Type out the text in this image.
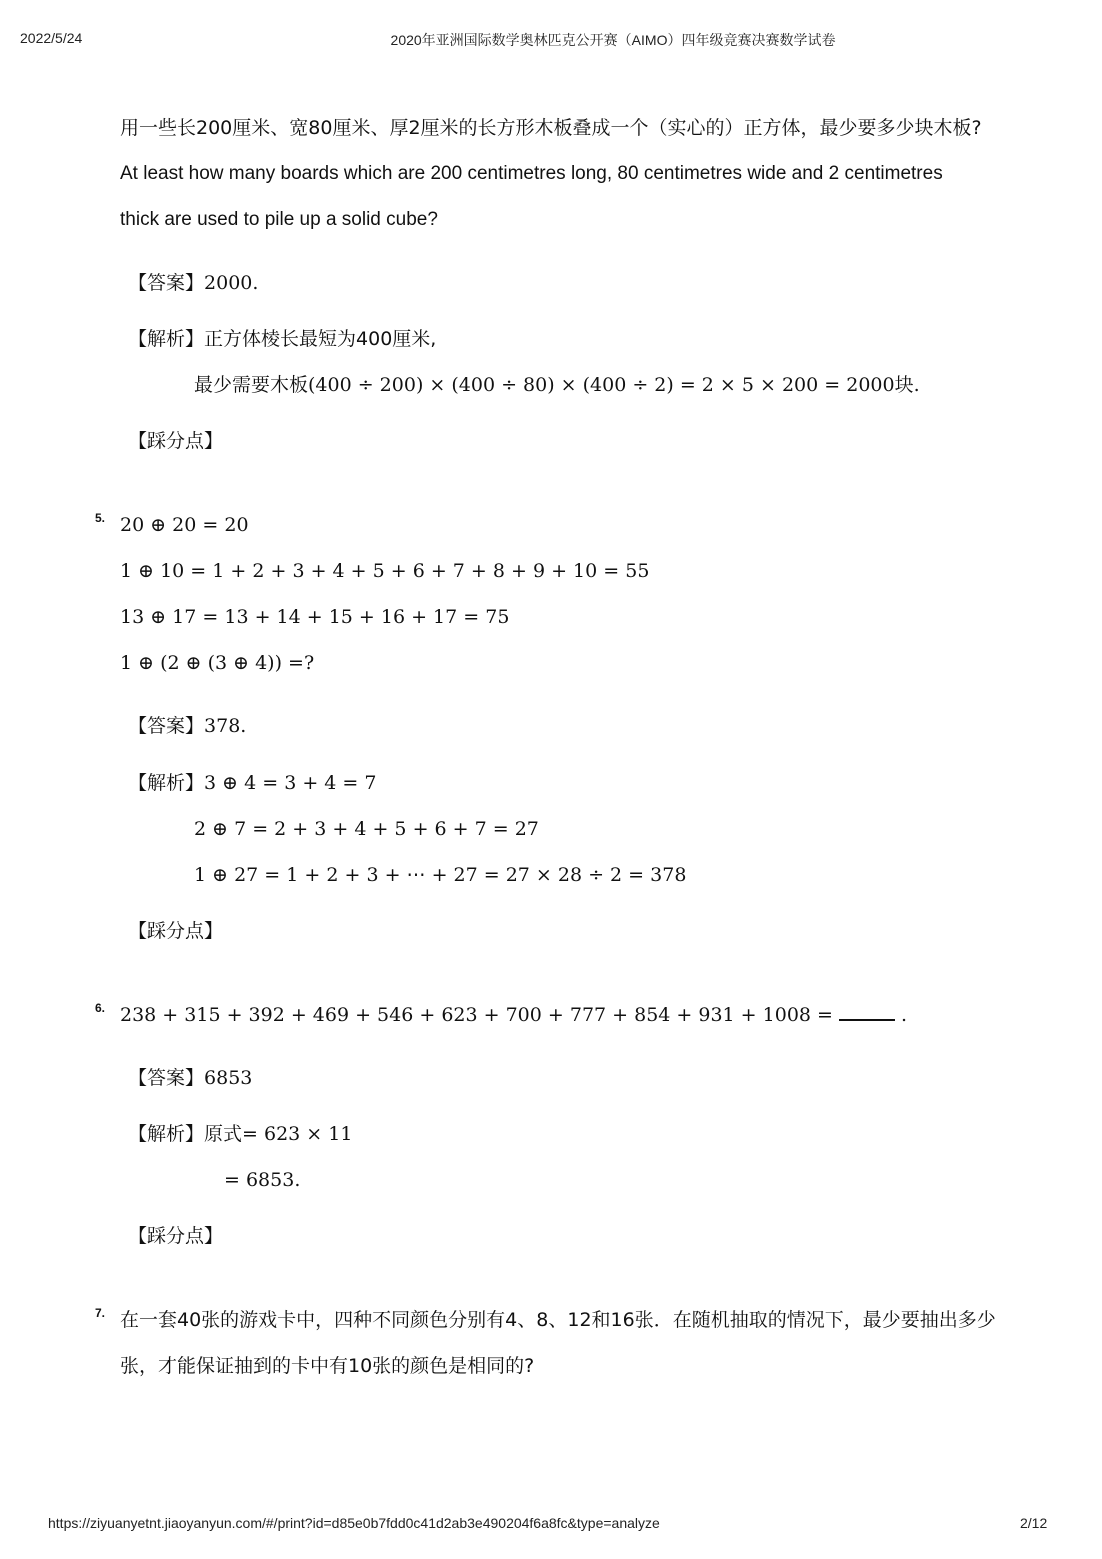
2022/5/24	2020年亚洲国际数学奥林匹克公开赛（AIMO）四年级竞赛决赛数学试卷
用一些长200厘米、宽80厘米、厚2厘米的长方形木板叠成一个（实心的）正方体，最少要多少块木板?
At least how many boards which are 200 centimetres long, 80 centimetres wide and 2 centimetres
thick are used to pile up a solid cube?
【答案】2000.
【解析】正方体棱长最短为400厘米,
最少需要木板(400 ÷ 200) × (400 ÷ 80) × (400 ÷ 2) = 2 × 5 × 200 = 2000块.
【踩分点】
5. 20 ⊕ 20 = 20
1 ⊕ 10 = 1 + 2 + 3 + 4 + 5 + 6 + 7 + 8 + 9 + 10 = 55
13 ⊕ 17 = 13 + 14 + 15 + 16 + 17 = 75
1 ⊕ (2 ⊕ (3 ⊕ 4)) =?
【答案】378.
【解析】3 ⊕ 4 = 3 + 4 = 7
2 ⊕ 7 = 2 + 3 + 4 + 5 + 6 + 7 = 27
1 ⊕ 27 = 1 + 2 + 3 + ⋯ + 27 = 27 × 28 ÷ 2 = 378
【踩分点】
6. 238 + 315 + 392 + 469 + 546 + 623 + 700 + 777 + 854 + 931 + 1008 =	.
【答案】6853
【解析】原式= 623 × 11
= 6853.
【踩分点】
7. 在一套40张的游戏卡中，四种不同颜色分别有4、8、12和16张．在随机抽取的情况下，最少要抽出多少
张，才能保证抽到的卡中有10张的颜色是相同的?
https://ziyuanyetnt.jiaoyanyun.com/#/print?id=d85e0b7fdd0c41d2ab3e490204f6a8fc&type=analyze	2/12
